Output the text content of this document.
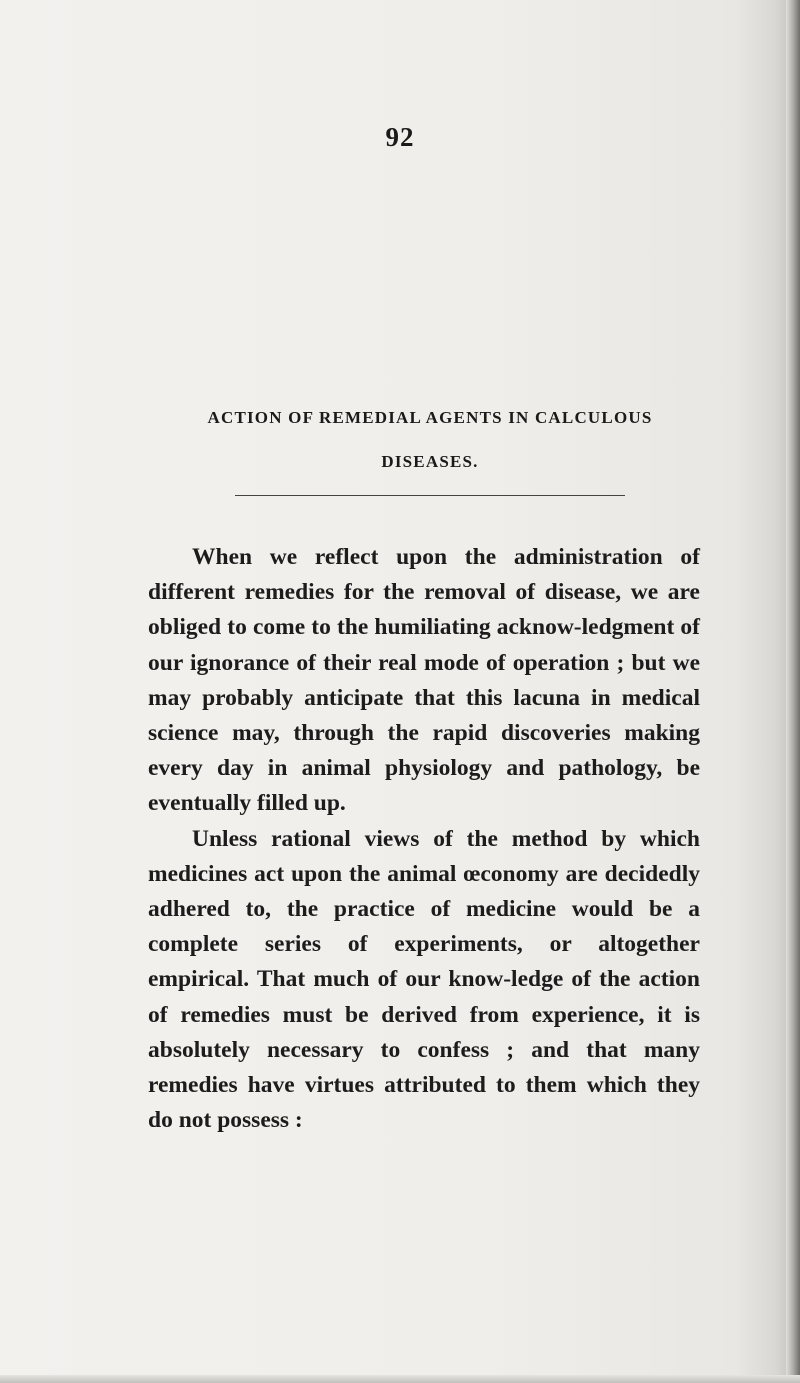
92
ACTION OF REMEDIAL AGENTS IN CALCULOUS
DISEASES.

When we reflect upon the administration of different remedies for the removal of disease, we are obliged to come to the humiliating acknow-ledgment of our ignorance of their real mode of operation ; but we may probably anticipate that this lacuna in medical science may, through the rapid discoveries making every day in animal physiology and pathology, be eventually filled up.

Unless rational views of the method by which medicines act upon the animal œconomy are decidedly adhered to, the practice of medicine would be a complete series of experiments, or altogether empirical. That much of our know-ledge of the action of remedies must be derived from experience, it is absolutely necessary to confess ; and that many remedies have virtues attributed to them which they do not possess :
